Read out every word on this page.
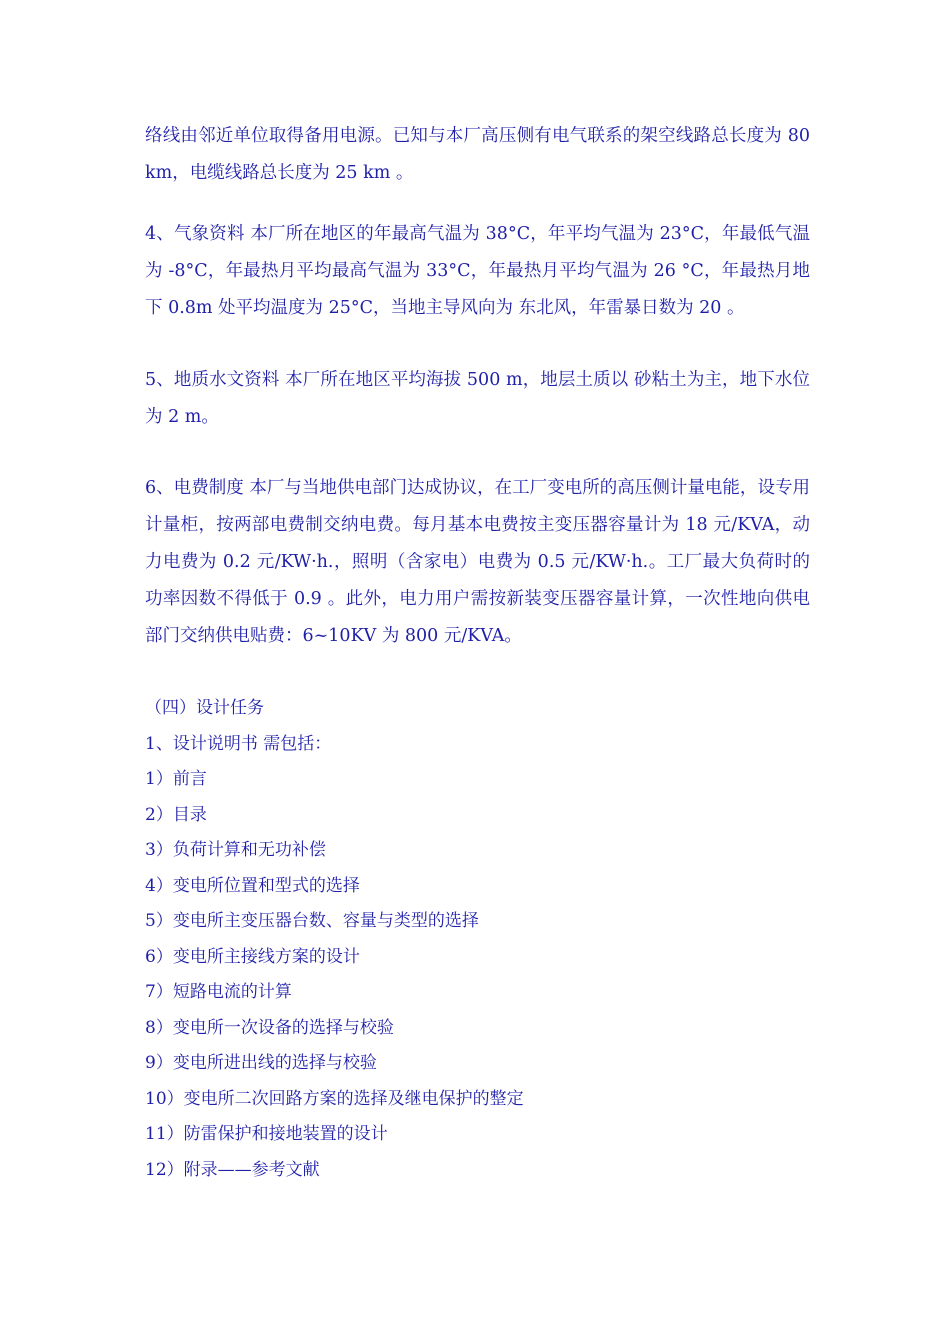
络线由邻近单位取得备用电源。已知与本厂高压侧有电气联系的架空线路总长度为 80 km，电缆线路总长度为 25 km 。

4、气象资料 本厂所在地区的年最高气温为 38°C，年平均气温为 23°C，年最低气温为 -8°C，年最热月平均最高气温为 33°C，年最热月平均气温为 26 °C，年最热月地下 0.8m 处平均温度为 25°C，当地主导风向为 东北风，年雷暴日数为 20 。

5、地质水文资料 本厂所在地区平均海拔 500 m，地层土质以 砂粘土为主，地下水位为 2 m。

6、电费制度 本厂与当地供电部门达成协议，在工厂变电所的高压侧计量电能，设专用计量柜，按两部电费制交纳电费。每月基本电费按主变压器容量计为 18 元/KVA，动力电费为 0.2 元/KW·h.，照明（含家电）电费为 0.5 元/KW·h.。工厂最大负荷时的功率因数不得低于 0.9 。此外，电力用户需按新装变压器容量计算，一次性地向供电部门交纳供电贴费：6~10KV 为 800 元/KVA。

（四）设计任务
1、设计说明书 需包括：
1）前言
2）目录
3）负荷计算和无功补偿
4）变电所位置和型式的选择
5）变电所主变压器台数、容量与类型的选择
6）变电所主接线方案的设计
7）短路电流的计算
8）变电所一次设备的选择与校验
9）变电所进出线的选择与校验
10）变电所二次回路方案的选择及继电保护的整定
11）防雷保护和接地装置的设计
12）附录——参考文献
